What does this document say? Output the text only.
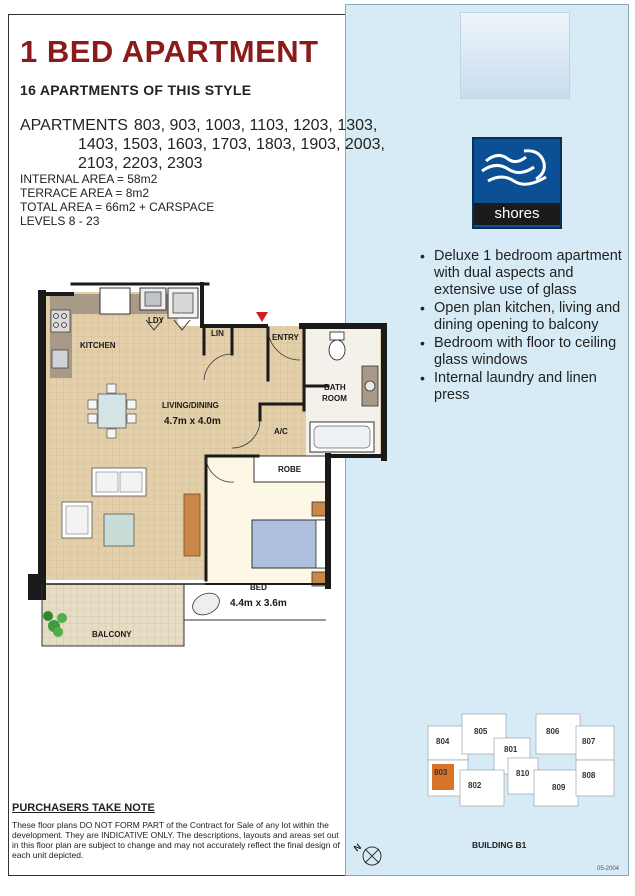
1 BED APARTMENT
16 APARTMENTS OF THIS STYLE
APARTMENTS 803, 903, 1003, 1103, 1203, 1303,
1403, 1503, 1603, 1703, 1803, 1903, 2003,
2103, 2203, 2303
INTERNAL AREA = 58m2
TERRACE AREA = 8m2
TOTAL AREA = 66m2 + CARSPACE
LEVELS 8 - 23
KITCHEN
LDY
LIN	ENTRY
BATH
ROOM
LIVING/DINING
4.7m x 4.0m
A/C
ROBE
BED
4.4m x 3.6m
BALCONY
PURCHASERS TAKE NOTE
These floor plans DO NOT FORM PART of the Contract for Sale of any lot within the development. They are INDICATIVE ONLY. The descriptions, layouts and areas set out in this floor plan are subject to change and may not accurately reflect the final design of each unit depicted.
N
shores
• Deluxe 1 bedroom apartment with dual aspects and extensive use of glass
• Open plan kitchen, living and dining opening to balcony
• Bedroom with floor to ceiling glass windows
• Internal laundry and linen press
804
805	806
807
801
803
802
810
809
808
BUILDING B1
05-2004
